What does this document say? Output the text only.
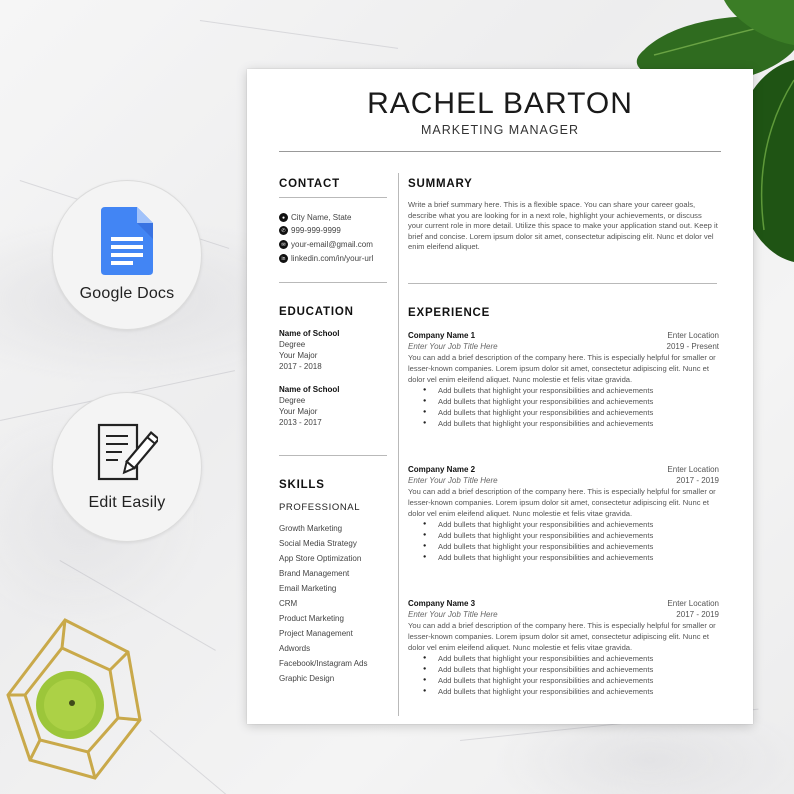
Google Docs
Edit Easily
RACHEL BARTON
MARKETING MANAGER
CONTACT
● City Name, State
✆ 999-999-9999
✉ your-email@gmail.com
in linkedin.com/in/your-url
EDUCATION
Name of School
Degree
Your Major
2017 - 2018
Name of School
Degree
Your Major
2013 - 2017
SKILLS
PROFESSIONAL
Growth Marketing
Social Media Strategy
App Store Optimization
Brand Management
Email Marketing
CRM
Product Marketing
Project Management
Adwords
Facebook/Instagram Ads
Graphic Design
SUMMARY
Write a brief summary here. This is a flexible space. You can share your career goals, describe what you are looking for in a next role, highlight your achievements, or discuss your current role in more detail. Utilize this space to make your application stand out. Keep it brief and concise. Lorem ipsum dolor sit amet, consectetur adipiscing elit. Nunc et dolor vel enim eleifend aliquet.
EXPERIENCE
Company Name 1	Enter Location
Enter Your Job Title Here	2019 - Present
You can add a brief description of the company here. This is especially helpful for smaller or lesser-known companies. Lorem ipsum dolor sit amet, consectetur adipiscing elit. Nunc et dolor vel enim eleifend aliquet. Nunc molestie et felis vitae gravida.
● Add bullets that highlight your responsibilities and achievements
● Add bullets that highlight your responsibilities and achievements
● Add bullets that highlight your responsibilities and achievements
● Add bullets that highlight your responsibilities and achievements
Company Name 2	Enter Location
Enter Your Job Title Here	2017 - 2019
You can add a brief description of the company here. This is especially helpful for smaller or lesser-known companies. Lorem ipsum dolor sit amet, consectetur adipiscing elit. Nunc et dolor vel enim eleifend aliquet. Nunc molestie et felis vitae gravida.
● Add bullets that highlight your responsibilities and achievements
● Add bullets that highlight your responsibilities and achievements
● Add bullets that highlight your responsibilities and achievements
● Add bullets that highlight your responsibilities and achievements
Company Name 3	Enter Location
Enter Your Job Title Here	2017 - 2019
You can add a brief description of the company here. This is especially helpful for smaller or lesser-known companies. Lorem ipsum dolor sit amet, consectetur adipiscing elit. Nunc et dolor vel enim eleifend aliquet. Nunc molestie et felis vitae gravida.
● Add bullets that highlight your responsibilities and achievements
● Add bullets that highlight your responsibilities and achievements
● Add bullets that highlight your responsibilities and achievements
● Add bullets that highlight your responsibilities and achievements
